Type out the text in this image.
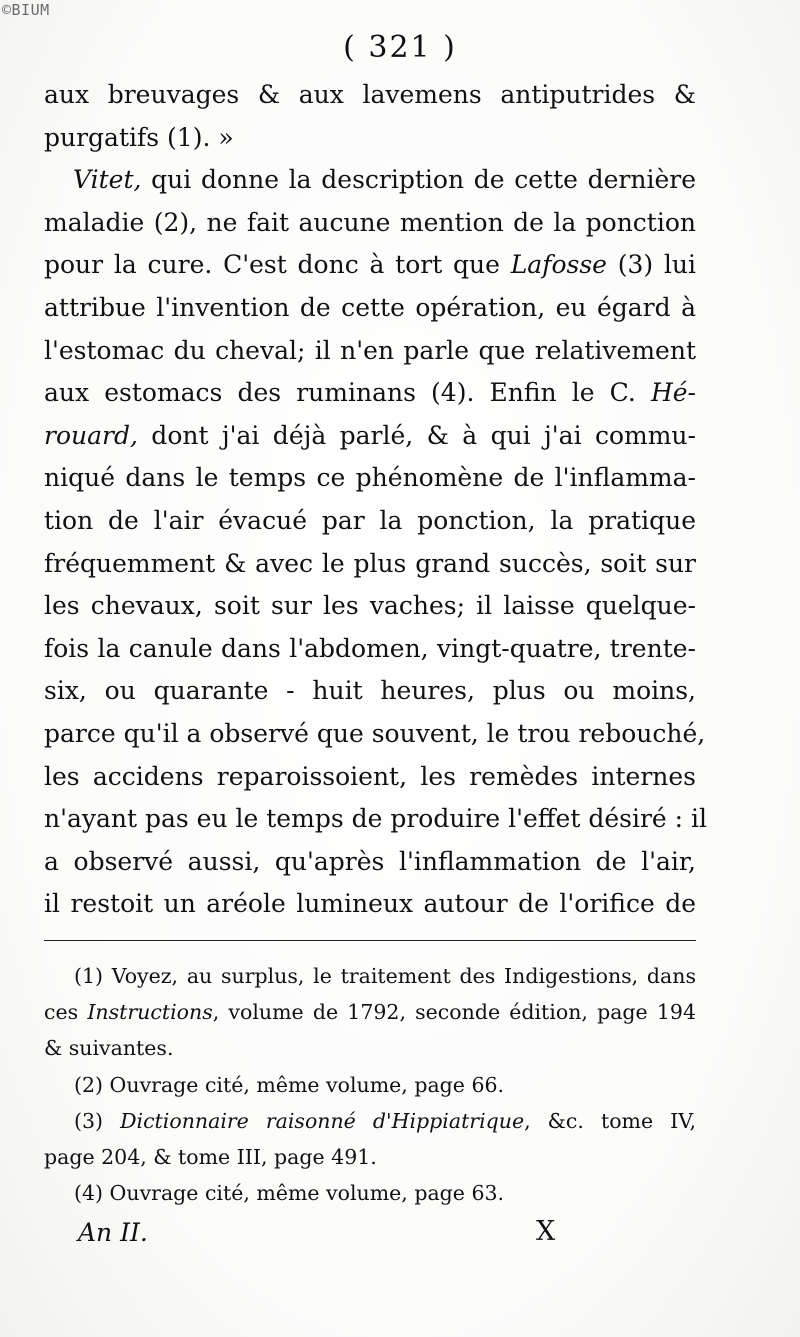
©BIUM
( 321 )
aux breuvages & aux lavemens antiputrides &
purgatifs (1). »
Vitet, qui donne la description de cette dernière
maladie (2), ne fait aucune mention de la ponction
pour la cure. C'est donc à tort que Lafosse (3) lui
attribue l'invention de cette opération, eu égard à
l'estomac du cheval; il n'en parle que relativement
aux estomacs des ruminans (4). Enfin le C. Hé-
rouard, dont j'ai déjà parlé, & à qui j'ai commu-
niqué dans le temps ce phénomène de l'inflamma-
tion de l'air évacué par la ponction, la pratique
fréquemment & avec le plus grand succès, soit sur
les chevaux, soit sur les vaches; il laisse quelque-
fois la canule dans l'abdomen, vingt-quatre, trente-
six, ou quarante - huit heures, plus ou moins,
parce qu'il a observé que souvent, le trou rebouché,
les accidens reparoissoient, les remèdes internes
n'ayant pas eu le temps de produire l'effet désiré : il
a observé aussi, qu'après l'inflammation de l'air,
il restoit un aréole lumineux autour de l'orifice de
(1) Voyez, au surplus, le traitement des Indigestions, dans
ces Instructions, volume de 1792, seconde édition, page 194
& suivantes.
(2) Ouvrage cité, même volume, page 66.
(3) Dictionnaire raisonné d'Hippiatrique, &c. tome IV,
page 204, & tome III, page 491.
(4) Ouvrage cité, même volume, page 63.
An II.	X
